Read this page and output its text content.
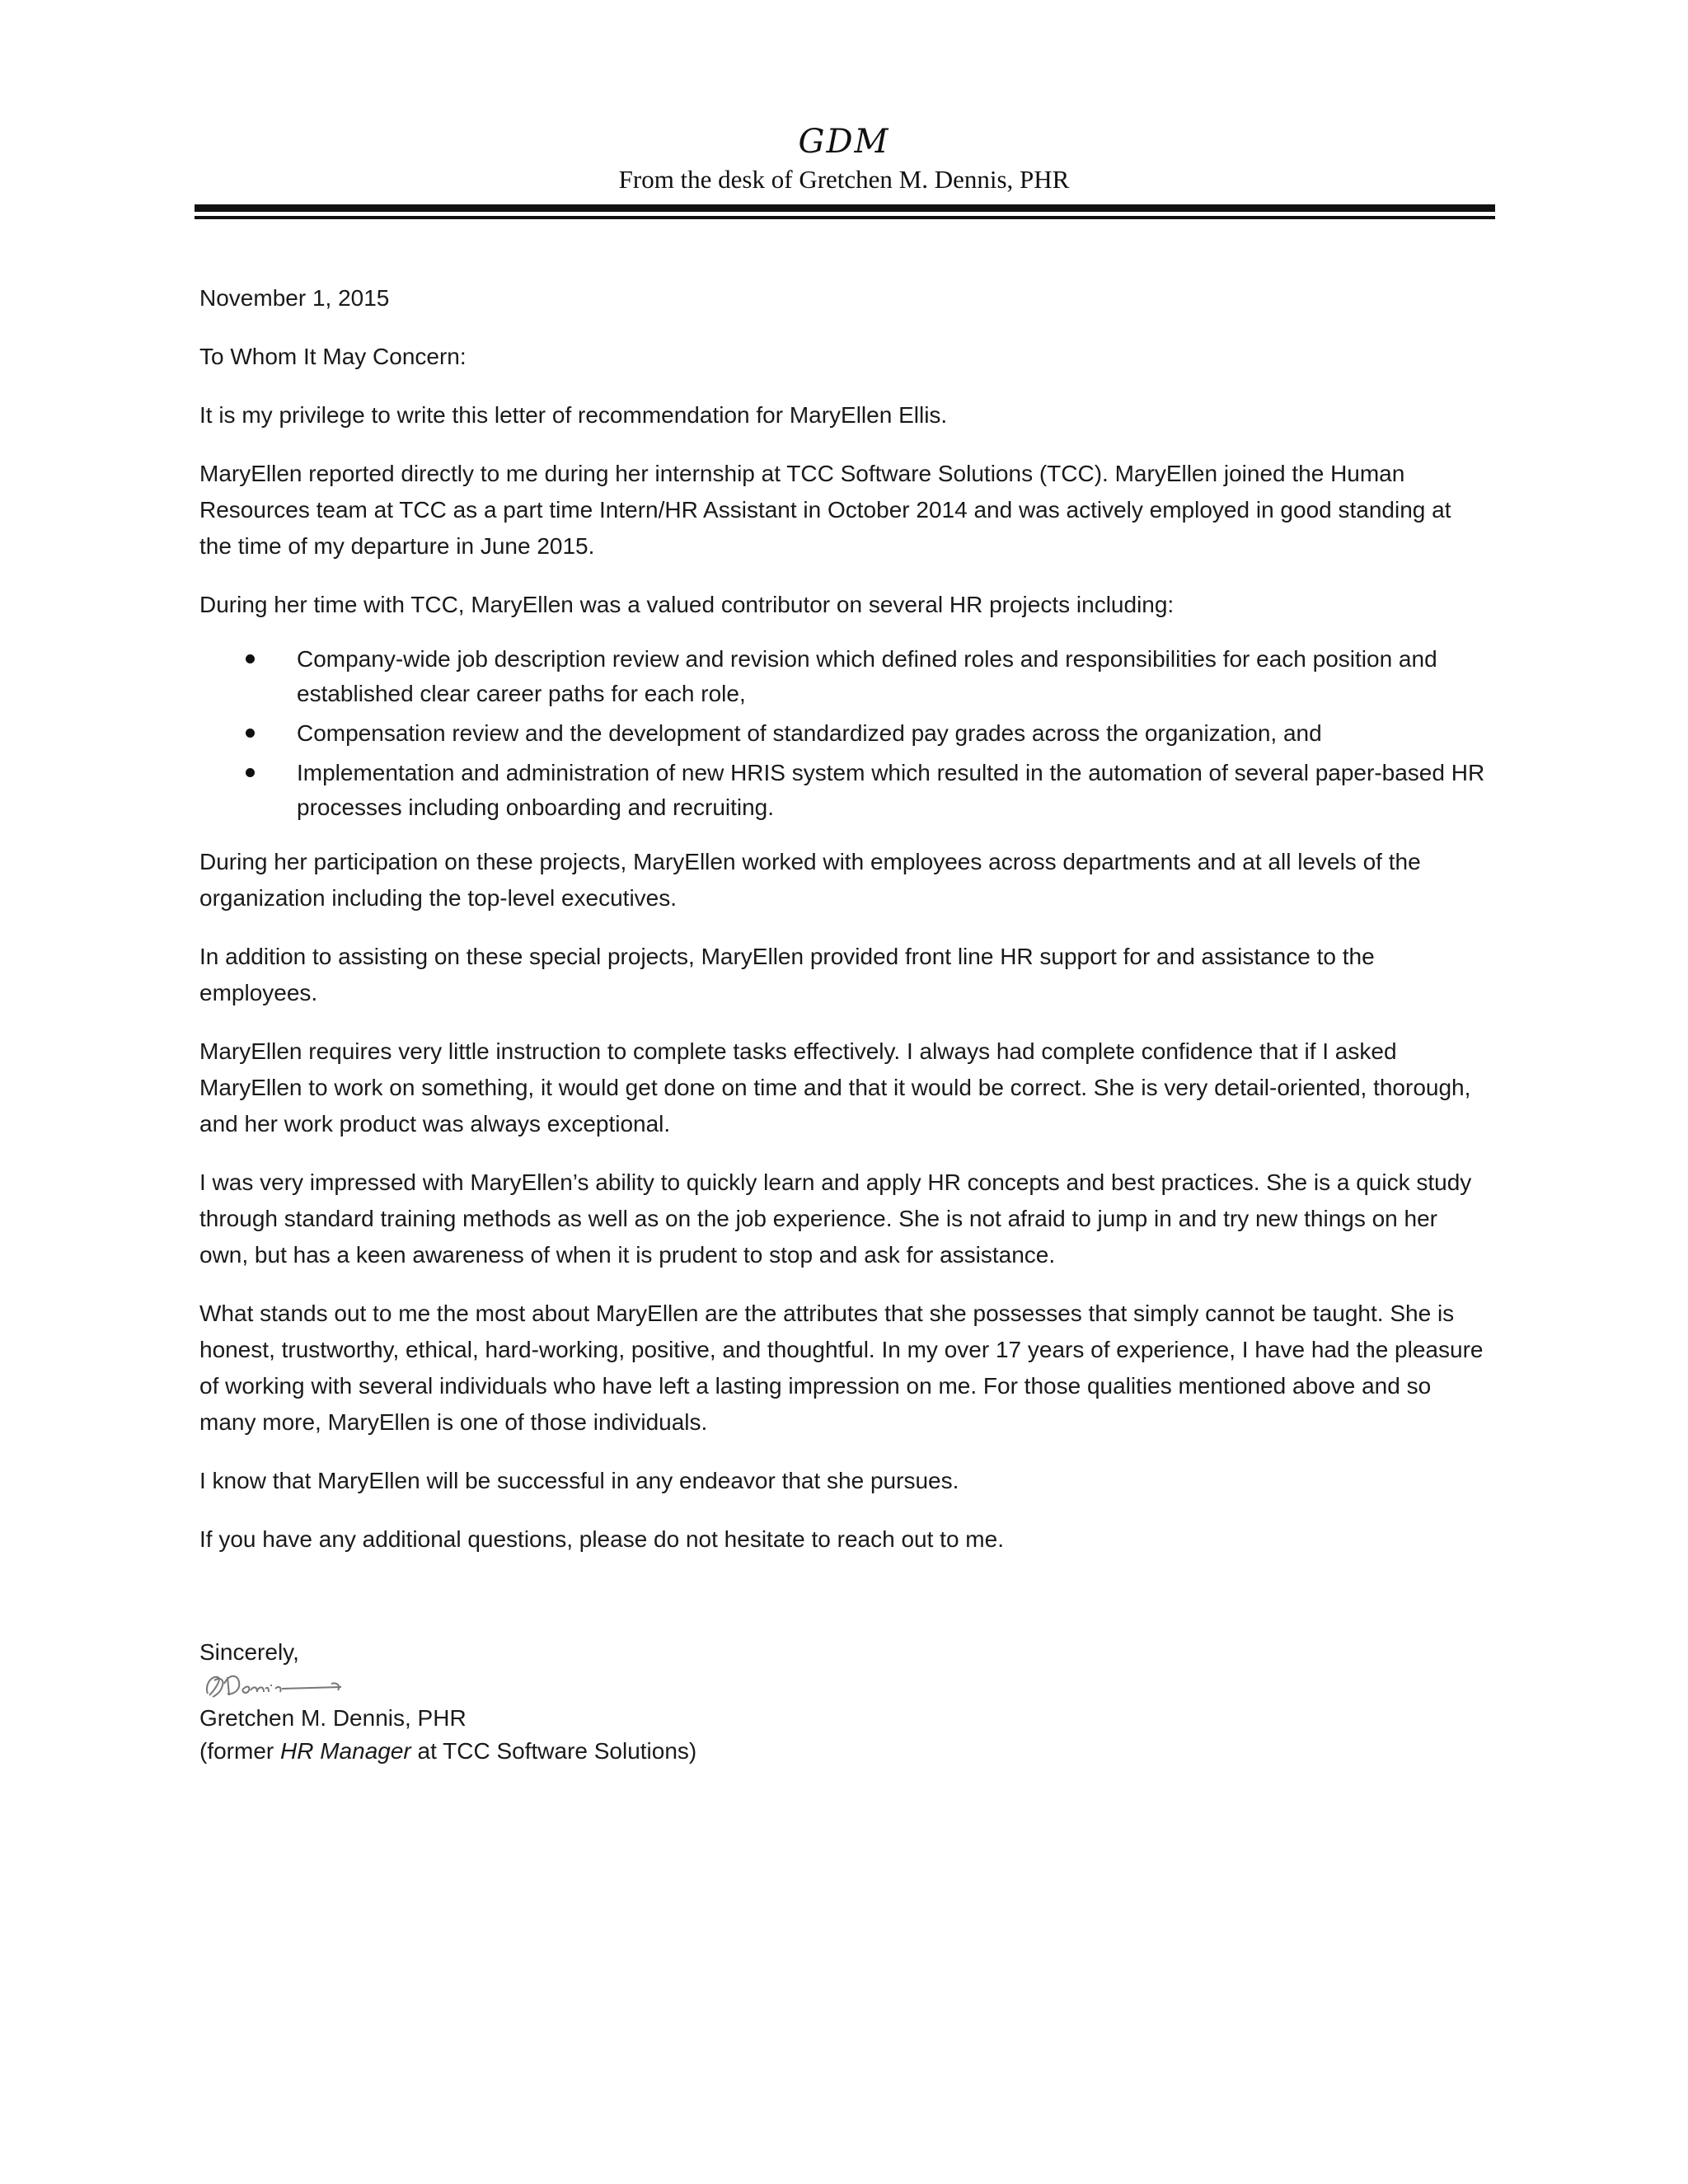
GDM
From the desk of Gretchen M. Dennis, PHR

November 1, 2015

To Whom It May Concern:

It is my privilege to write this letter of recommendation for MaryEllen Ellis.

MaryEllen reported directly to me during her internship at TCC Software Solutions (TCC). MaryEllen joined the Human Resources team at TCC as a part time Intern/HR Assistant in October 2014 and was actively employed in good standing at the time of my departure in June 2015.

During her time with TCC, MaryEllen was a valued contributor on several HR projects including:

Company-wide job description review and revision which defined roles and responsibilities for each position and established clear career paths for each role,
Compensation review and the development of standardized pay grades across the organization, and
Implementation and administration of new HRIS system which resulted in the automation of several paper-based HR processes including onboarding and recruiting.

During her participation on these projects, MaryEllen worked with employees across departments and at all levels of the organization including the top-level executives.

In addition to assisting on these special projects, MaryEllen provided front line HR support for and assistance to the employees.

MaryEllen requires very little instruction to complete tasks effectively. I always had complete confidence that if I asked MaryEllen to work on something, it would get done on time and that it would be correct. She is very detail-oriented, thorough, and her work product was always exceptional.

I was very impressed with MaryEllen’s ability to quickly learn and apply HR concepts and best practices. She is a quick study through standard training methods as well as on the job experience. She is not afraid to jump in and try new things on her own, but has a keen awareness of when it is prudent to stop and ask for assistance.

What stands out to me the most about MaryEllen are the attributes that she possesses that simply cannot be taught. She is honest, trustworthy, ethical, hard-working, positive, and thoughtful. In my over 17 years of experience, I have had the pleasure of working with several individuals who have left a lasting impression on me. For those qualities mentioned above and so many more, MaryEllen is one of those individuals.

I know that MaryEllen will be successful in any endeavor that she pursues.

If you have any additional questions, please do not hesitate to reach out to me.

Sincerely,
Gretchen M. Dennis, PHR
(former HR Manager at TCC Software Solutions)
